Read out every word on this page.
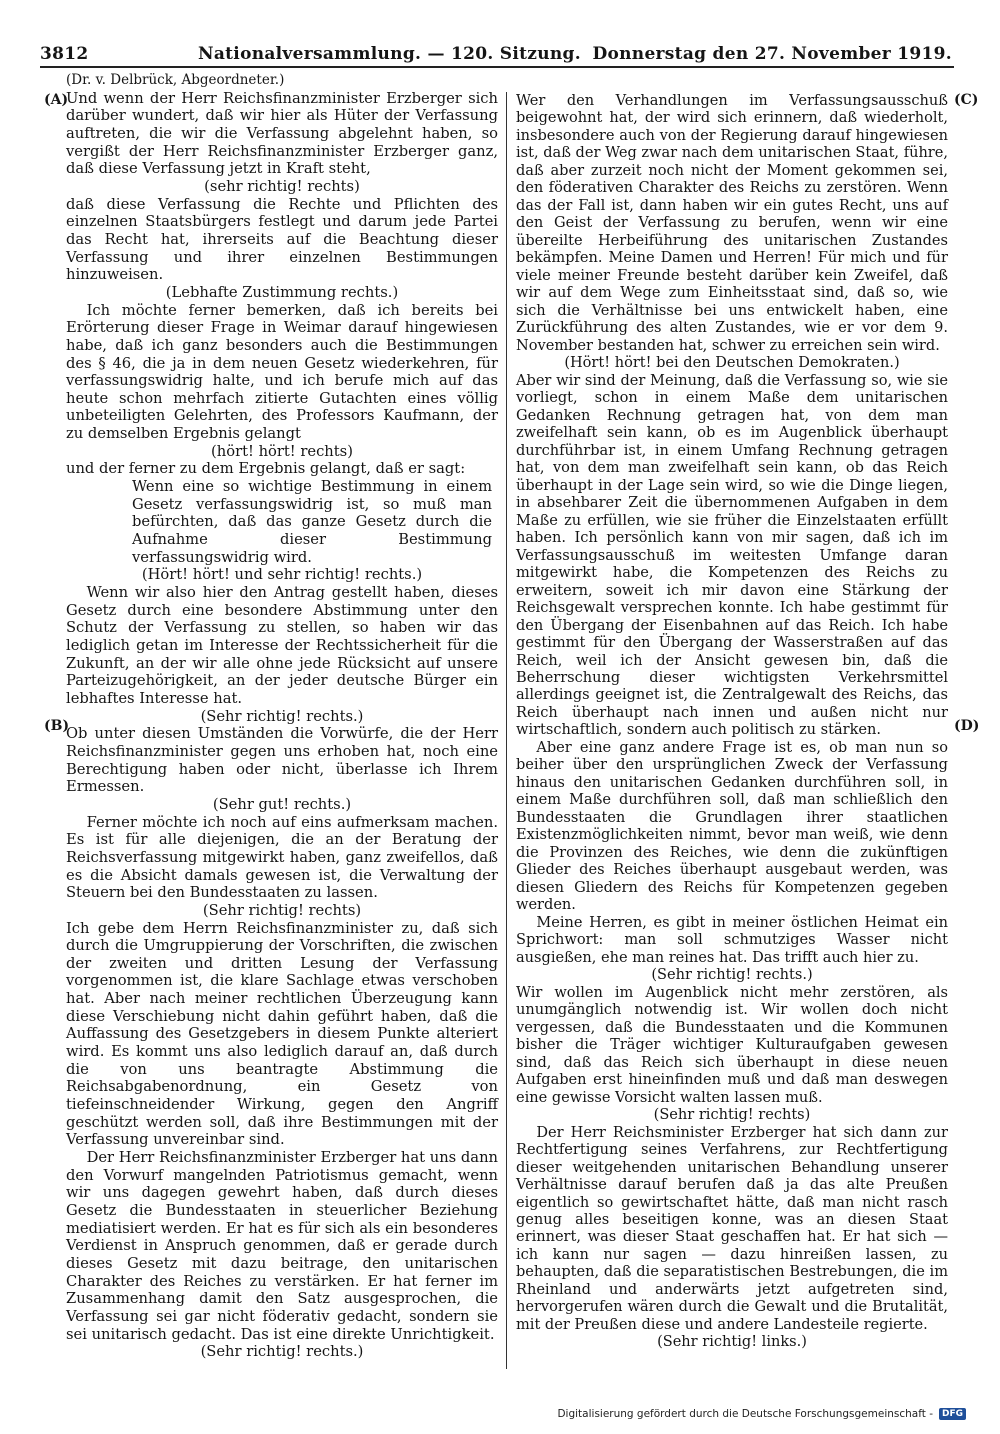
3812	Nationalversammlung. — 120. Sitzung. Donnerstag den 27. November 1919.
(A)
(B)
(C)
(D)

(Dr. v. Delbrück, Abgeordneter.)

Und wenn der Herr Reichsfinanzminister Erzberger sich darüber wundert, daß wir hier als Hüter der Verfassung auftreten, die wir die Verfassung abgelehnt haben, so vergißt der Herr Reichsfinanzminister Erzberger ganz, daß diese Verfassung jetzt in Kraft steht,

(sehr richtig! rechts)

daß diese Verfassung die Rechte und Pflichten des einzelnen Staatsbürgers festlegt und darum jede Partei das Recht hat, ihrerseits auf die Beachtung dieser Verfassung und ihrer einzelnen Bestimmungen hinzuweisen.

(Lebhafte Zustimmung rechts.)

Ich möchte ferner bemerken, daß ich bereits bei Erörterung dieser Frage in Weimar darauf hingewiesen habe, daß ich ganz besonders auch die Bestimmungen des § 46, die ja in dem neuen Gesetz wiederkehren, für verfassungswidrig halte, und ich berufe mich auf das heute schon mehrfach zitierte Gutachten eines völlig unbeteiligten Gelehrten, des Professors Kaufmann, der zu demselben Ergebnis gelangt

(hört! hört! rechts)

und der ferner zu dem Ergebnis gelangt, daß er sagt:

Wenn eine so wichtige Bestimmung in einem Gesetz verfassungswidrig ist, so muß man befürchten, daß das ganze Gesetz durch die Aufnahme dieser Bestimmung verfassungswidrig wird.

(Hört! hört! und sehr richtig! rechts.)

Wenn wir also hier den Antrag gestellt haben, dieses Gesetz durch eine besondere Abstimmung unter den Schutz der Verfassung zu stellen, so haben wir das lediglich getan im Interesse der Rechtssicherheit für die Zukunft, an der wir alle ohne jede Rücksicht auf unsere Parteizugehörigkeit, an der jeder deutsche Bürger ein lebhaftes Interesse hat.

(Sehr richtig! rechts.)

Ob unter diesen Umständen die Vorwürfe, die der Herr Reichsfinanzminister gegen uns erhoben hat, noch eine Berechtigung haben oder nicht, überlasse ich Ihrem Ermessen.

(Sehr gut! rechts.)

Ferner möchte ich noch auf eins aufmerksam machen. Es ist für alle diejenigen, die an der Beratung der Reichsverfassung mitgewirkt haben, ganz zweifellos, daß es die Absicht damals gewesen ist, die Verwaltung der Steuern bei den Bundesstaaten zu lassen.

(Sehr richtig! rechts)

Ich gebe dem Herrn Reichsfinanzminister zu, daß sich durch die Umgruppierung der Vorschriften, die zwischen der zweiten und dritten Lesung der Verfassung vorgenommen ist, die klare Sachlage etwas verschoben hat. Aber nach meiner rechtlichen Überzeugung kann diese Verschiebung nicht dahin geführt haben, daß die Auffassung des Gesetzgebers in diesem Punkte alteriert wird. Es kommt uns also lediglich darauf an, daß durch die von uns beantragte Abstimmung die Reichsabgabenordnung, ein Gesetz von tiefeinschneidender Wirkung, gegen den Angriff geschützt werden soll, daß ihre Bestimmungen mit der Verfassung unvereinbar sind.

Der Herr Reichsfinanzminister Erzberger hat uns dann den Vorwurf mangelnden Patriotismus gemacht, wenn wir uns dagegen gewehrt haben, daß durch dieses Gesetz die Bundesstaaten in steuerlicher Beziehung mediatisiert werden. Er hat es für sich als ein besonderes Verdienst in Anspruch genommen, daß er gerade durch dieses Gesetz mit dazu beitrage, den unitarischen Charakter des Reiches zu verstärken. Er hat ferner im Zusammenhang damit den Satz ausgesprochen, die Verfassung sei gar nicht föderativ gedacht, sondern sie sei unitarisch gedacht. Das ist eine direkte Unrichtigkeit.

(Sehr richtig! rechts.)

Wer den Verhandlungen im Verfassungsausschuß beigewohnt hat, der wird sich erinnern, daß wiederholt, insbesondere auch von der Regierung darauf hingewiesen ist, daß der Weg zwar nach dem unitarischen Staat, führe, daß aber zurzeit noch nicht der Moment gekommen sei, den föderativen Charakter des Reichs zu zerstören. Wenn das der Fall ist, dann haben wir ein gutes Recht, uns auf den Geist der Verfassung zu berufen, wenn wir eine übereilte Herbeiführung des unitarischen Zustandes bekämpfen. Meine Damen und Herren! Für mich und für viele meiner Freunde besteht darüber kein Zweifel, daß wir auf dem Wege zum Einheitsstaat sind, daß so, wie sich die Verhältnisse bei uns entwickelt haben, eine Zurückführung des alten Zustandes, wie er vor dem 9. November bestanden hat, schwer zu erreichen sein wird.

(Hört! hört! bei den Deutschen Demokraten.)

Aber wir sind der Meinung, daß die Verfassung so, wie sie vorliegt, schon in einem Maße dem unitarischen Gedanken Rechnung getragen hat, von dem man zweifelhaft sein kann, ob es im Augenblick überhaupt durchführbar ist, in einem Umfang Rechnung getragen hat, von dem man zweifelhaft sein kann, ob das Reich überhaupt in der Lage sein wird, so wie die Dinge liegen, in absehbarer Zeit die übernommenen Aufgaben in dem Maße zu erfüllen, wie sie früher die Einzelstaaten erfüllt haben. Ich persönlich kann von mir sagen, daß ich im Verfassungsausschuß im weitesten Umfange daran mitgewirkt habe, die Kompetenzen des Reichs zu erweitern, soweit ich mir davon eine Stärkung der Reichsgewalt versprechen konnte. Ich habe gestimmt für den Übergang der Eisenbahnen auf das Reich. Ich habe gestimmt für den Übergang der Wasserstraßen auf das Reich, weil ich der Ansicht gewesen bin, daß die Beherrschung dieser wichtigsten Verkehrsmittel allerdings geeignet ist, die Zentralgewalt des Reichs, das Reich überhaupt nach innen und außen nicht nur wirtschaftlich, sondern auch politisch zu stärken.

Aber eine ganz andere Frage ist es, ob man nun so beiher über den ursprünglichen Zweck der Verfassung hinaus den unitarischen Gedanken durchführen soll, in einem Maße durchführen soll, daß man schließlich den Bundesstaaten die Grundlagen ihrer staatlichen Existenzmöglichkeiten nimmt, bevor man weiß, wie denn die Provinzen des Reiches, wie denn die zukünftigen Glieder des Reiches überhaupt ausgebaut werden, was diesen Gliedern des Reichs für Kompetenzen gegeben werden.

Meine Herren, es gibt in meiner östlichen Heimat ein Sprichwort: man soll schmutziges Wasser nicht ausgießen, ehe man reines hat. Das trifft auch hier zu.

(Sehr richtig! rechts.)

Wir wollen im Augenblick nicht mehr zerstören, als unumgänglich notwendig ist. Wir wollen doch nicht vergessen, daß die Bundesstaaten und die Kommunen bisher die Träger wichtiger Kulturaufgaben gewesen sind, daß das Reich sich überhaupt in diese neuen Aufgaben erst hineinfinden muß und daß man deswegen eine gewisse Vorsicht walten lassen muß.

(Sehr richtig! rechts)

Der Herr Reichsminister Erzberger hat sich dann zur Rechtfertigung seines Verfahrens, zur Rechtfertigung dieser weitgehenden unitarischen Behandlung unserer Verhältnisse darauf berufen daß ja das alte Preußen eigentlich so gewirtschaftet hätte, daß man nicht rasch genug alles beseitigen konne, was an diesen Staat erinnert, was dieser Staat geschaffen hat. Er hat sich — ich kann nur sagen — dazu hinreißen lassen, zu behaupten, daß die separatistischen Bestrebungen, die im Rheinland und anderwärts jetzt aufgetreten sind, hervorgerufen wären durch die Gewalt und die Brutalität, mit der Preußen diese und andere Landesteile regierte.

(Sehr richtig! links.)

Digitalisierung gefördert durch die Deutsche Forschungsgemeinschaft -	DFG
